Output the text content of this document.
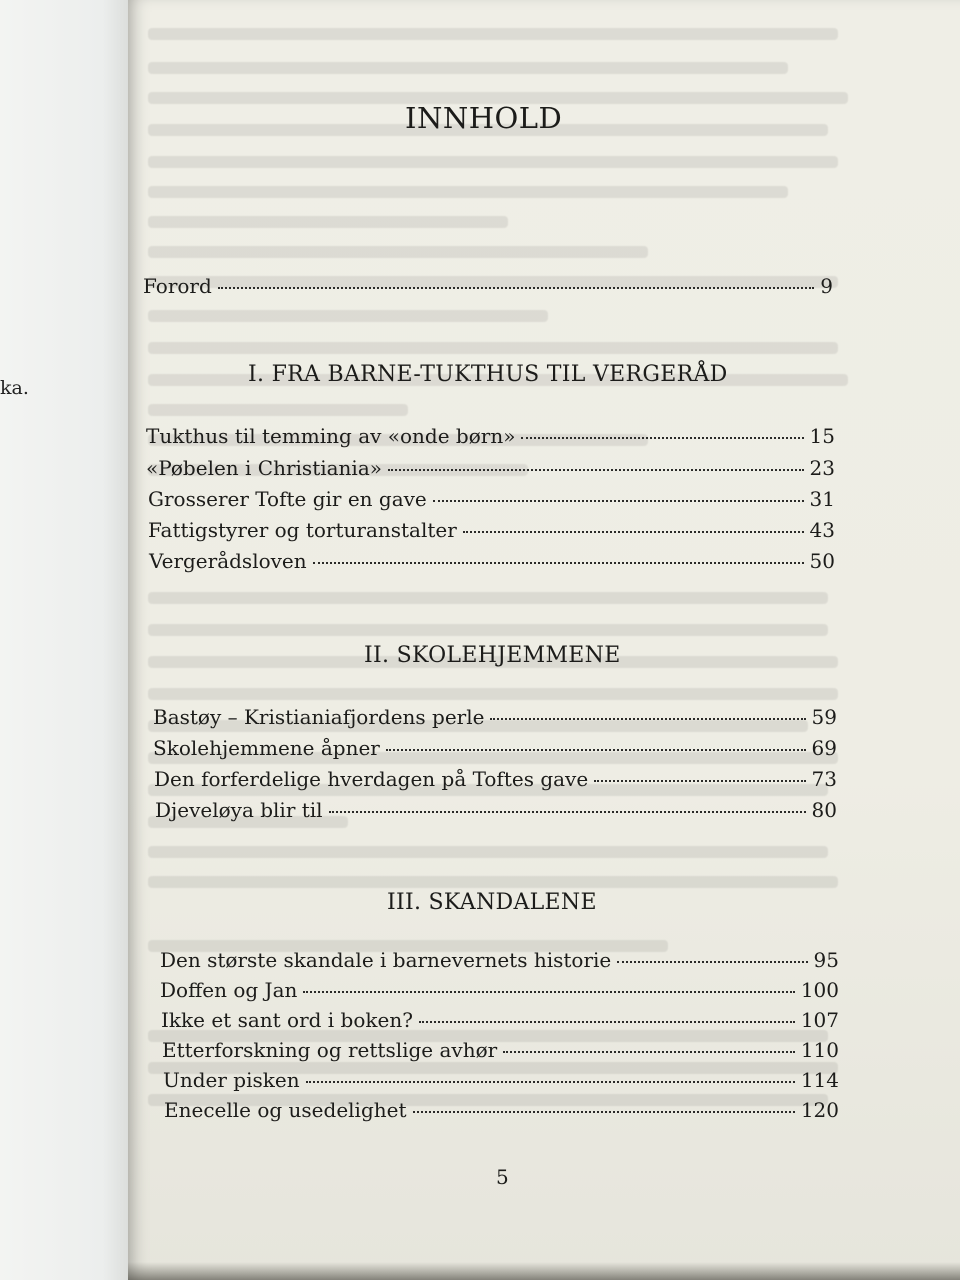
ka.
INNHOLD
Forord	9
I. FRA BARNE-TUKTHUS TIL VERGERÅD
Tukthus til temming av «onde børn»	15
«Pøbelen i Christiania»	23
Grosserer Tofte gir en gave	31
Fattigstyrer og torturanstalter	43
Vergerådsloven	50
II. SKOLEHJEMMENE
Bastøy – Kristianiafjordens perle	59
Skolehjemmene åpner	69
Den forferdelige hverdagen på Toftes gave	73
Djeveløya blir til	80
III. SKANDALENE
Den største skandale i barnevernets historie	95
Doffen og Jan	100
Ikke et sant ord i boken?	107
Etterforskning og rettslige avhør	110
Under pisken	114
Enecelle og usedelighet	120
5
